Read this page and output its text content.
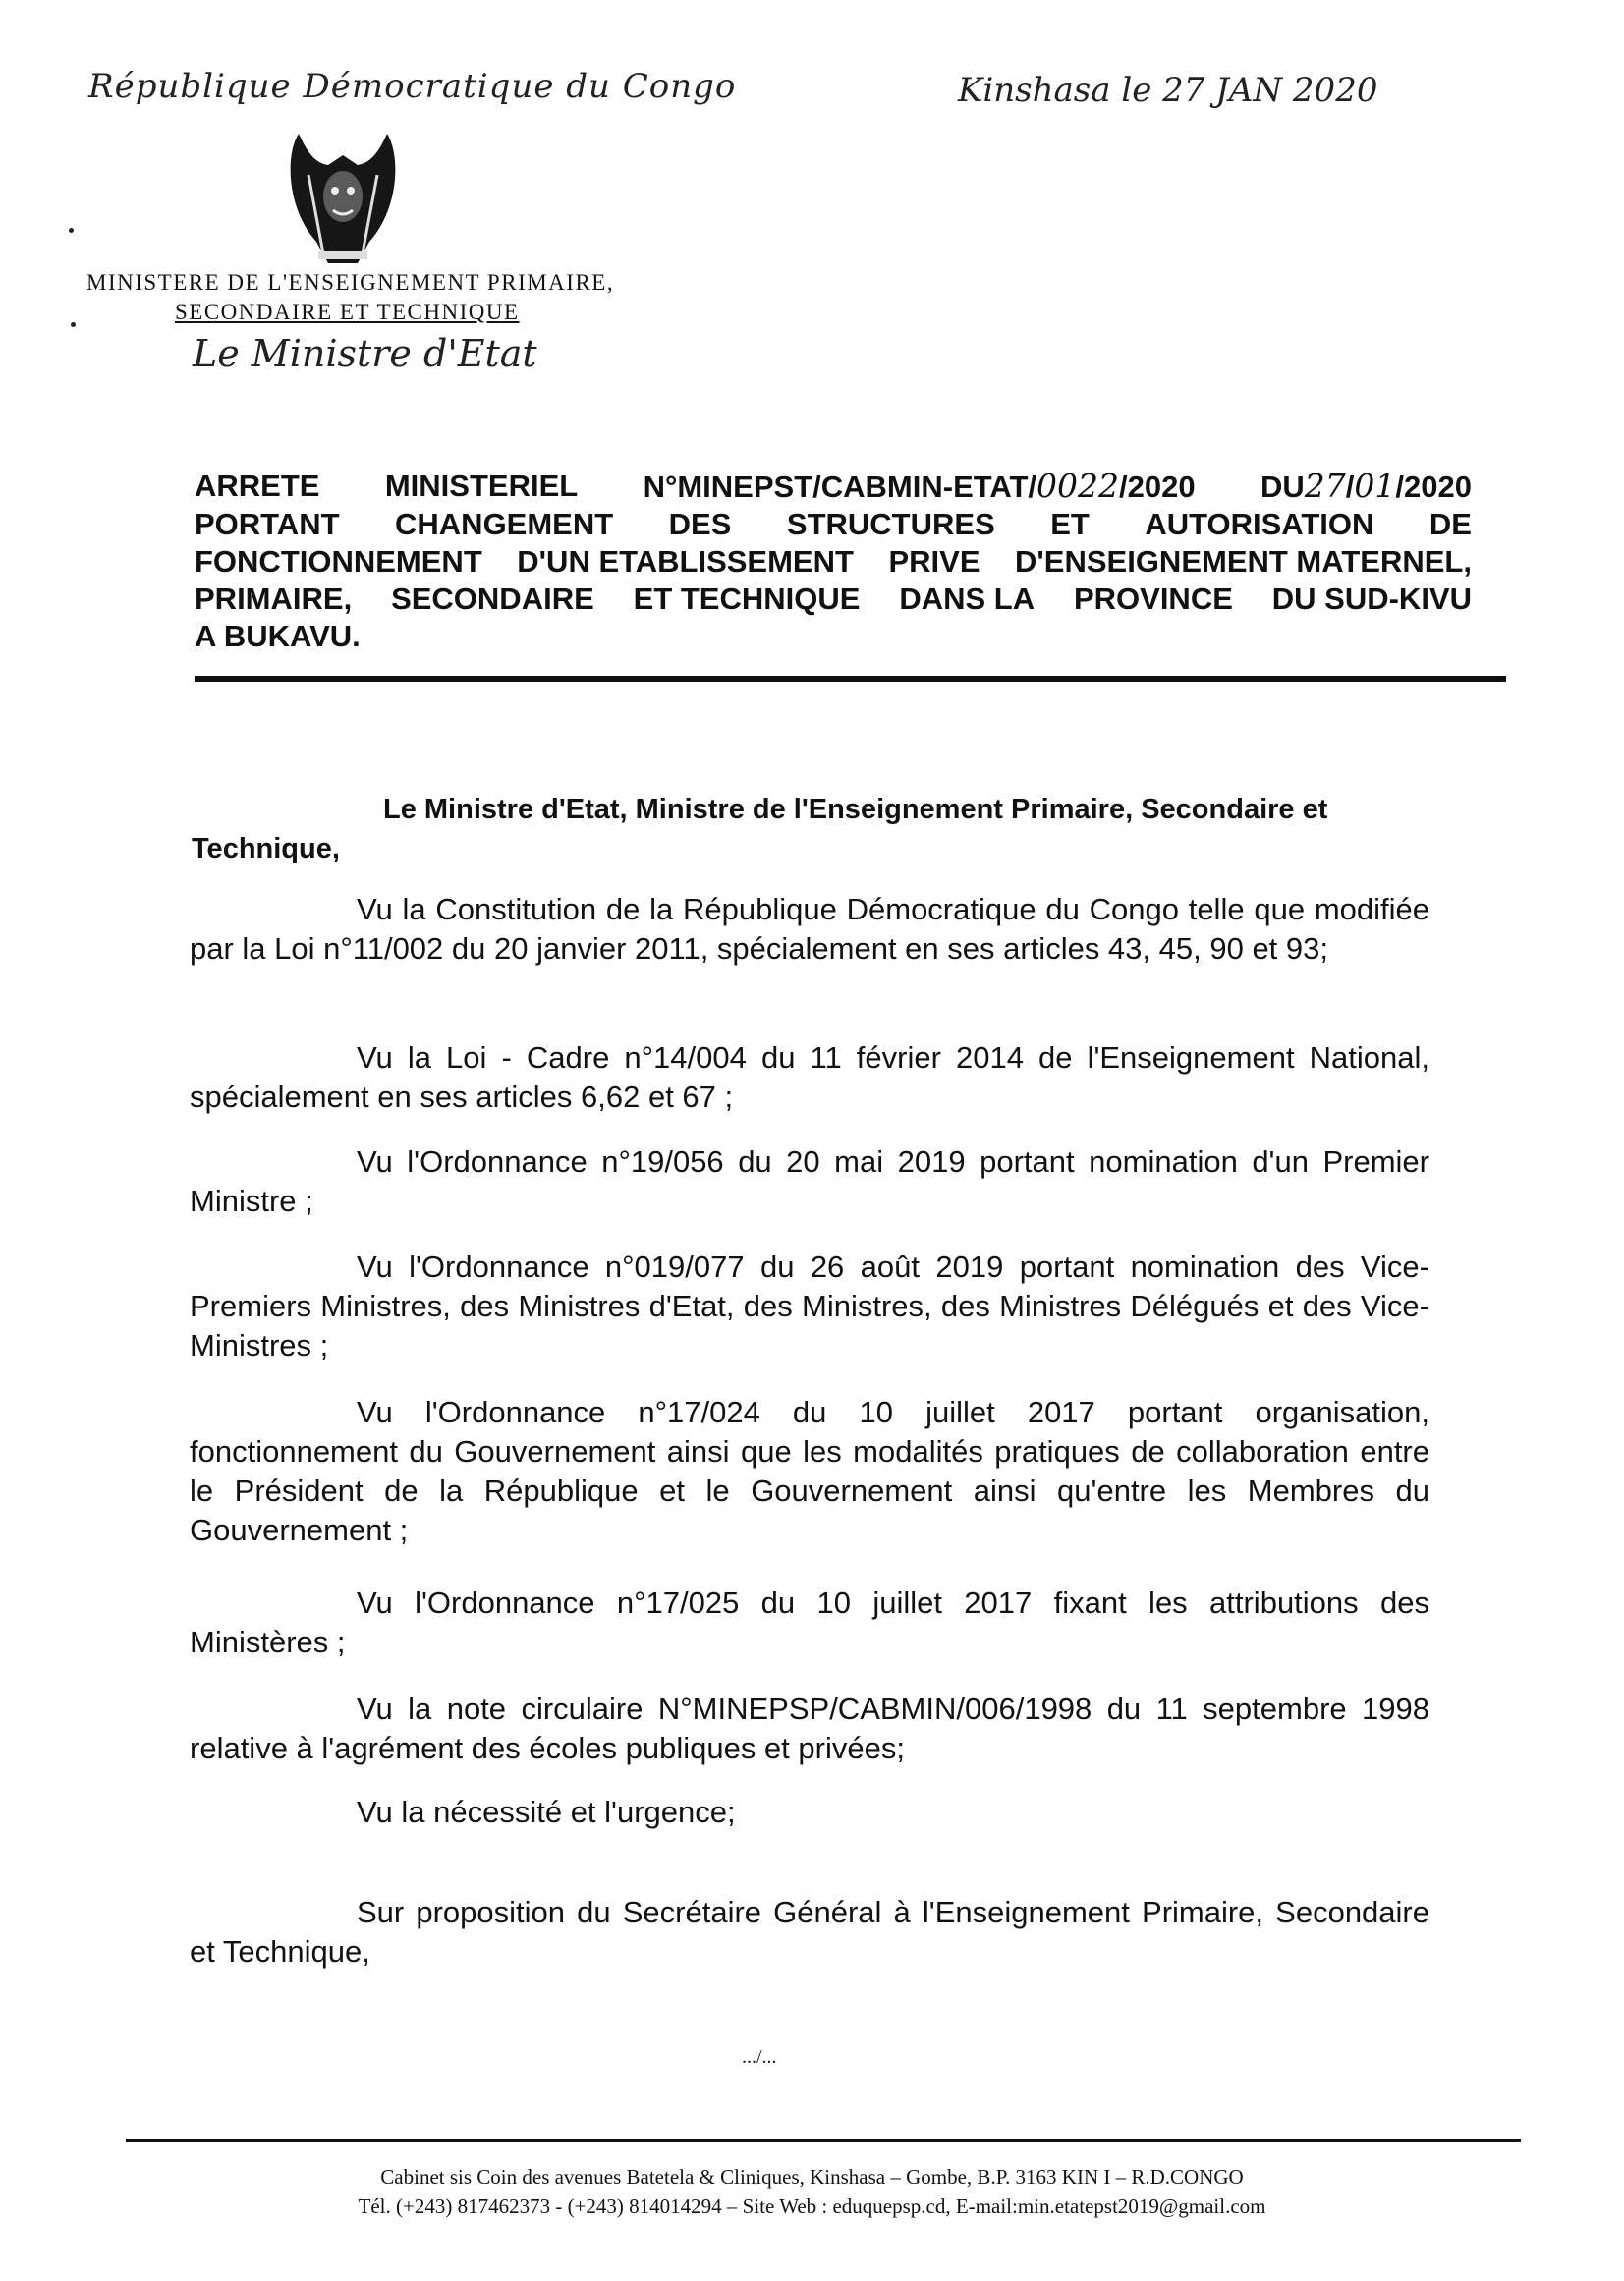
République Démocratique du Congo	Kinshasa le 27 JAN 2020
MINISTERE DE L'ENSEIGNEMENT PRIMAIRE,
SECONDAIRE ET TECHNIQUE
Le Ministre d'Etat
ARRETE MINISTERIEL N°MINEPST/CABMIN-ETAT/0022/2020 DU27/01/2020
PORTANT CHANGEMENT DES STRUCTURES ET AUTORISATION DE
FONCTIONNEMENT D'UN ETABLISSEMENT PRIVE D'ENSEIGNEMENT MATERNEL,
PRIMAIRE, SECONDAIRE ET TECHNIQUE DANS LA PROVINCE DU SUD-KIVU
A BUKAVU.
Le Ministre d'Etat, Ministre de l'Enseignement Primaire, Secondaire et Technique,
Vu la Constitution de la République Démocratique du Congo telle que modifiée par la Loi n°11/002 du 20 janvier 2011, spécialement en ses articles 43, 45, 90 et 93;
Vu la Loi - Cadre n°14/004 du 11 février 2014 de l'Enseignement National, spécialement en ses articles 6,62 et 67 ;
Vu l'Ordonnance n°19/056 du 20 mai 2019 portant nomination d'un Premier Ministre ;
Vu l'Ordonnance n°019/077 du 26 août 2019 portant nomination des Vice-Premiers Ministres, des Ministres d'Etat, des Ministres, des Ministres Délégués et des Vice-Ministres ;
Vu l'Ordonnance n°17/024 du 10 juillet 2017 portant organisation, fonctionnement du Gouvernement ainsi que les modalités pratiques de collaboration entre le Président de la République et le Gouvernement ainsi qu'entre les Membres du Gouvernement ;
Vu l'Ordonnance n°17/025 du 10 juillet 2017 fixant les attributions des Ministères ;
Vu la note circulaire N°MINEPSP/CABMIN/006/1998 du 11 septembre 1998 relative à l'agrément des écoles publiques et privées;
Vu la nécessité et l'urgence;
Sur proposition du Secrétaire Général à l'Enseignement Primaire, Secondaire et Technique,
.../...
Cabinet sis Coin des avenues Batetela & Cliniques, Kinshasa – Gombe, B.P. 3163 KIN I – R.D.CONGO
Tél. (+243) 817462373 - (+243) 814014294 – Site Web : eduquepsp.cd, E-mail:min.etatepst2019@gmail.com
